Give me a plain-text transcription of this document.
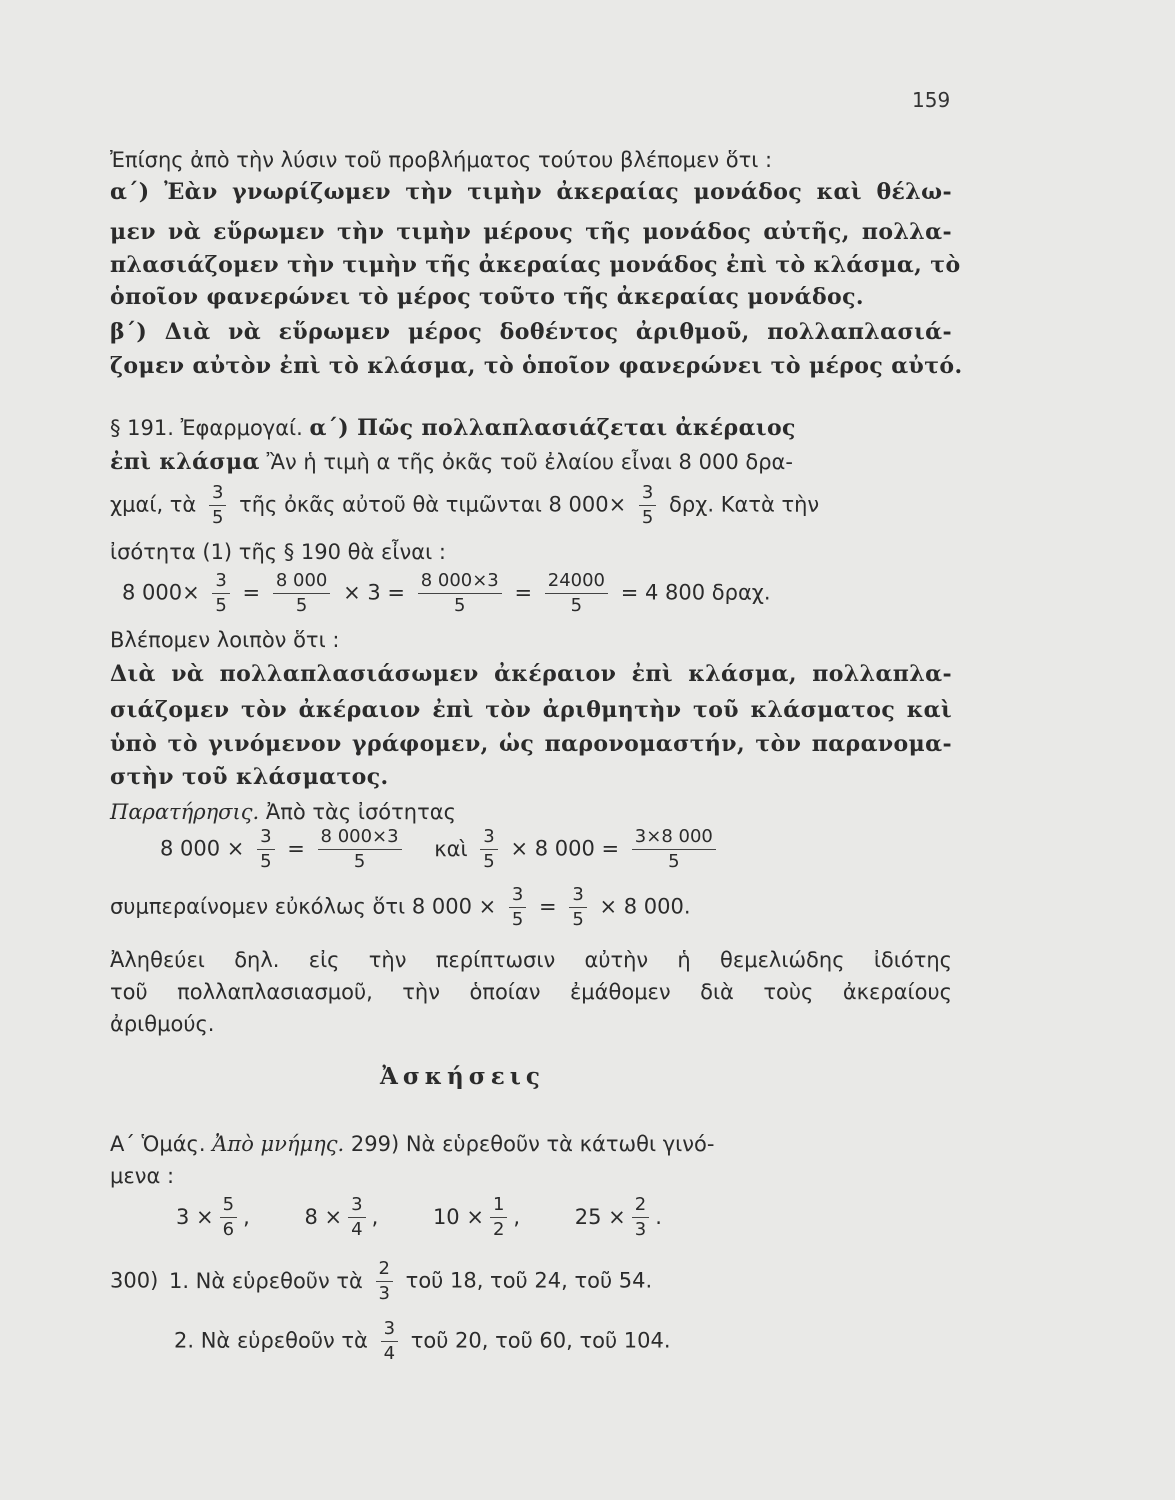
159
Ἐπίσης ἀπὸ τὴν λύσιν τοῦ προβλήματος τούτου βλέπομεν ὅτι :
α΄) Ἐὰν γνωρίζωμεν τὴν τιμὴν ἀκεραίας μονάδος καὶ θέλω-
μεν νὰ εὕρωμεν τὴν τιμὴν μέρους τῆς μονάδος αὐτῆς, πολλα-
πλασιάζομεν τὴν τιμὴν τῆς ἀκεραίας μονάδος ἐπὶ τὸ κλάσμα, τὸ
ὁποῖον φανερώνει τὸ μέρος τοῦτο τῆς ἀκεραίας μονάδος.
β΄) Διὰ νὰ εὕρωμεν μέρος δοθέντος ἀριθμοῦ, πολλαπλασιά-
ζομεν αὐτὸν ἐπὶ τὸ κλάσμα, τὸ ὁποῖον φανερώνει τὸ μέρος αὐτό.
§ 191. Ἐφαρμογαί. α΄) Πῶς πολλαπλασιάζεται ἀκέραιος
ἐπὶ κλάσμα Ἂν ἡ τιμὴ α τῆς ὀκᾶς τοῦ ἐλαίου εἶναι 8 000 δρα-
χμαί, τὰ $\frac{3}{5}$ τῆς ὀκᾶς αὐτοῦ θὰ τιμῶνται 8 $000\times \frac{3}{5} \delta\rho\chi$. Κατὰ τὴν
ἰσότητα (1) τῆς § 190 θὰ εἶναι :
8 $000\times \frac{3}{5} = \frac{8 000}{5} \times 3 = \frac{8 000\times 3}{5} = \frac{24000}{5} = 4$ 800 δραχ.
Βλέπομεν λοιπὸν ὅτι :
Διὰ νὰ πολλαπλασιάσωμεν ἀκέραιον ἐπὶ κλάσμα, πολλαπλα-
σιάζομεν τὸν ἀκέραιον ἐπὶ τὸν ἀριθμητὴν τοῦ κλάσματος καὶ
ὑπὸ τὸ γινόμενον γράφομεν, ὡς παρονομαστήν, τὸν παρανομα-
στὴν τοῦ κλάσματος.
Παρατήρησις. Ἀπὸ τὰς ἰσότητας
8 $000 \times \frac{3}{5} = \frac{8 000\times 3}{5}$ καὶ $\frac{3}{5} \times 8$ $000 = \frac{3\times 8 000}{5}$
συμπεραίνομεν εὐκόλως ὅτι 8 $000 \times \frac{3}{5} = \frac{3}{5} \times 8$ 000.
Ἀληθεύει δηλ. εἰς τὴν περίπτωσιν αὐτὴν ἡ θεμελιώδης ἰδιότης
τοῦ πολλαπλασιασμοῦ, τὴν ὁποίαν ἐμάθομεν διὰ τοὺς ἀκεραίους
ἀριθμούς.
Ἀσκήσεις
Α΄ Ὁμάς. Ἀπὸ μνήμης. 299) Νὰ εὑρεθοῦν τὰ κάτωθι γινό-
μενα :
$3 \times \frac{5}{6}$ ,	$8 \times \frac{3}{4}$ ,	$10 \times \frac{1}{2}$ ,	$25 \times \frac{2}{3}$ .
300) 1. Νὰ εὑρεθοῦν τὰ $\frac{2}{3}$ τοῦ 18, τοῦ 24, τοῦ 54.
2. Νὰ εὑρεθοῦν τὰ $\frac{3}{4}$ τοῦ 20, τοῦ 60, τοῦ 104.
